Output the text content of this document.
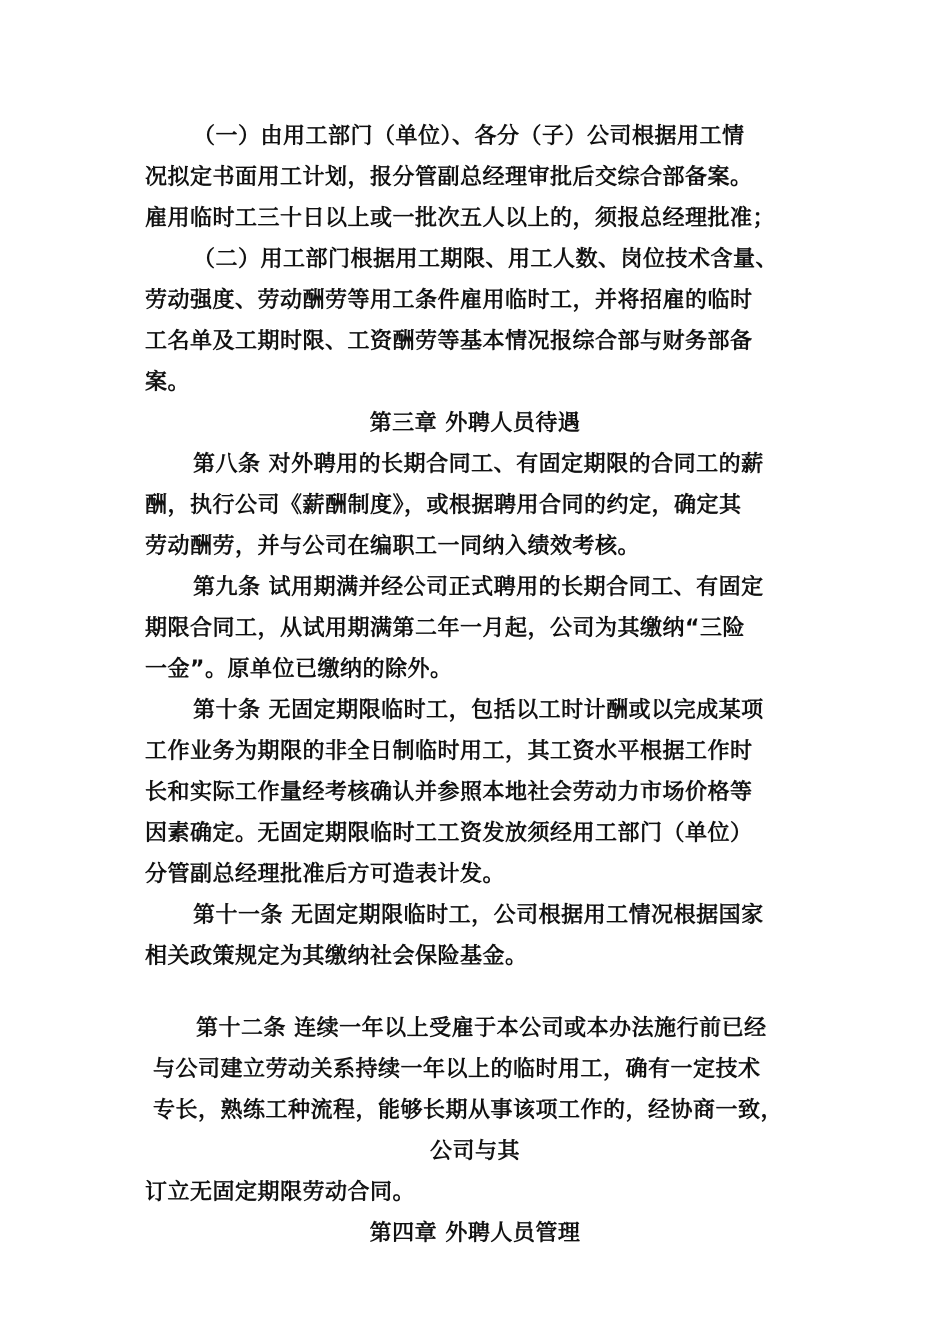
（一）由用工部门（单位）、各分（子）公司根据用工情
况拟定书面用工计划，报分管副总经理审批后交综合部备案。
雇用临时工三十日以上或一批次五人以上的，须报总经理批准；
（二）用工部门根据用工期限、用工人数、岗位技术含量、
劳动强度、劳动酬劳等用工条件雇用临时工，并将招雇的临时
工名单及工期时限、工资酬劳等基本情况报综合部与财务部备
案。
第三章 外聘人员待遇
第八条 对外聘用的长期合同工、有固定期限的合同工的薪
酬，执行公司《薪酬制度》，或根据聘用合同的约定，确定其
劳动酬劳，并与公司在编职工一同纳入绩效考核。
第九条 试用期满并经公司正式聘用的长期合同工、有固定
期限合同工，从试用期满第二年一月起，公司为其缴纳“三险
一金”。原单位已缴纳的除外。
第十条 无固定期限临时工，包括以工时计酬或以完成某项
工作业务为期限的非全日制临时用工，其工资水平根据工作时
长和实际工作量经考核确认并参照本地社会劳动力市场价格等
因素确定。无固定期限临时工工资发放须经用工部门（单位）
分管副总经理批准后方可造表计发。
第十一条 无固定期限临时工，公司根据用工情况根据国家
相关政策规定为其缴纳社会保险基金。
第十二条 连续一年以上受雇于本公司或本办法施行前已经
与公司建立劳动关系持续一年以上的临时用工，确有一定技术
专长，熟练工种流程，能够长期从事该项工作的，经协商一致，
公司与其
订立无固定期限劳动合同。
第四章 外聘人员管理
